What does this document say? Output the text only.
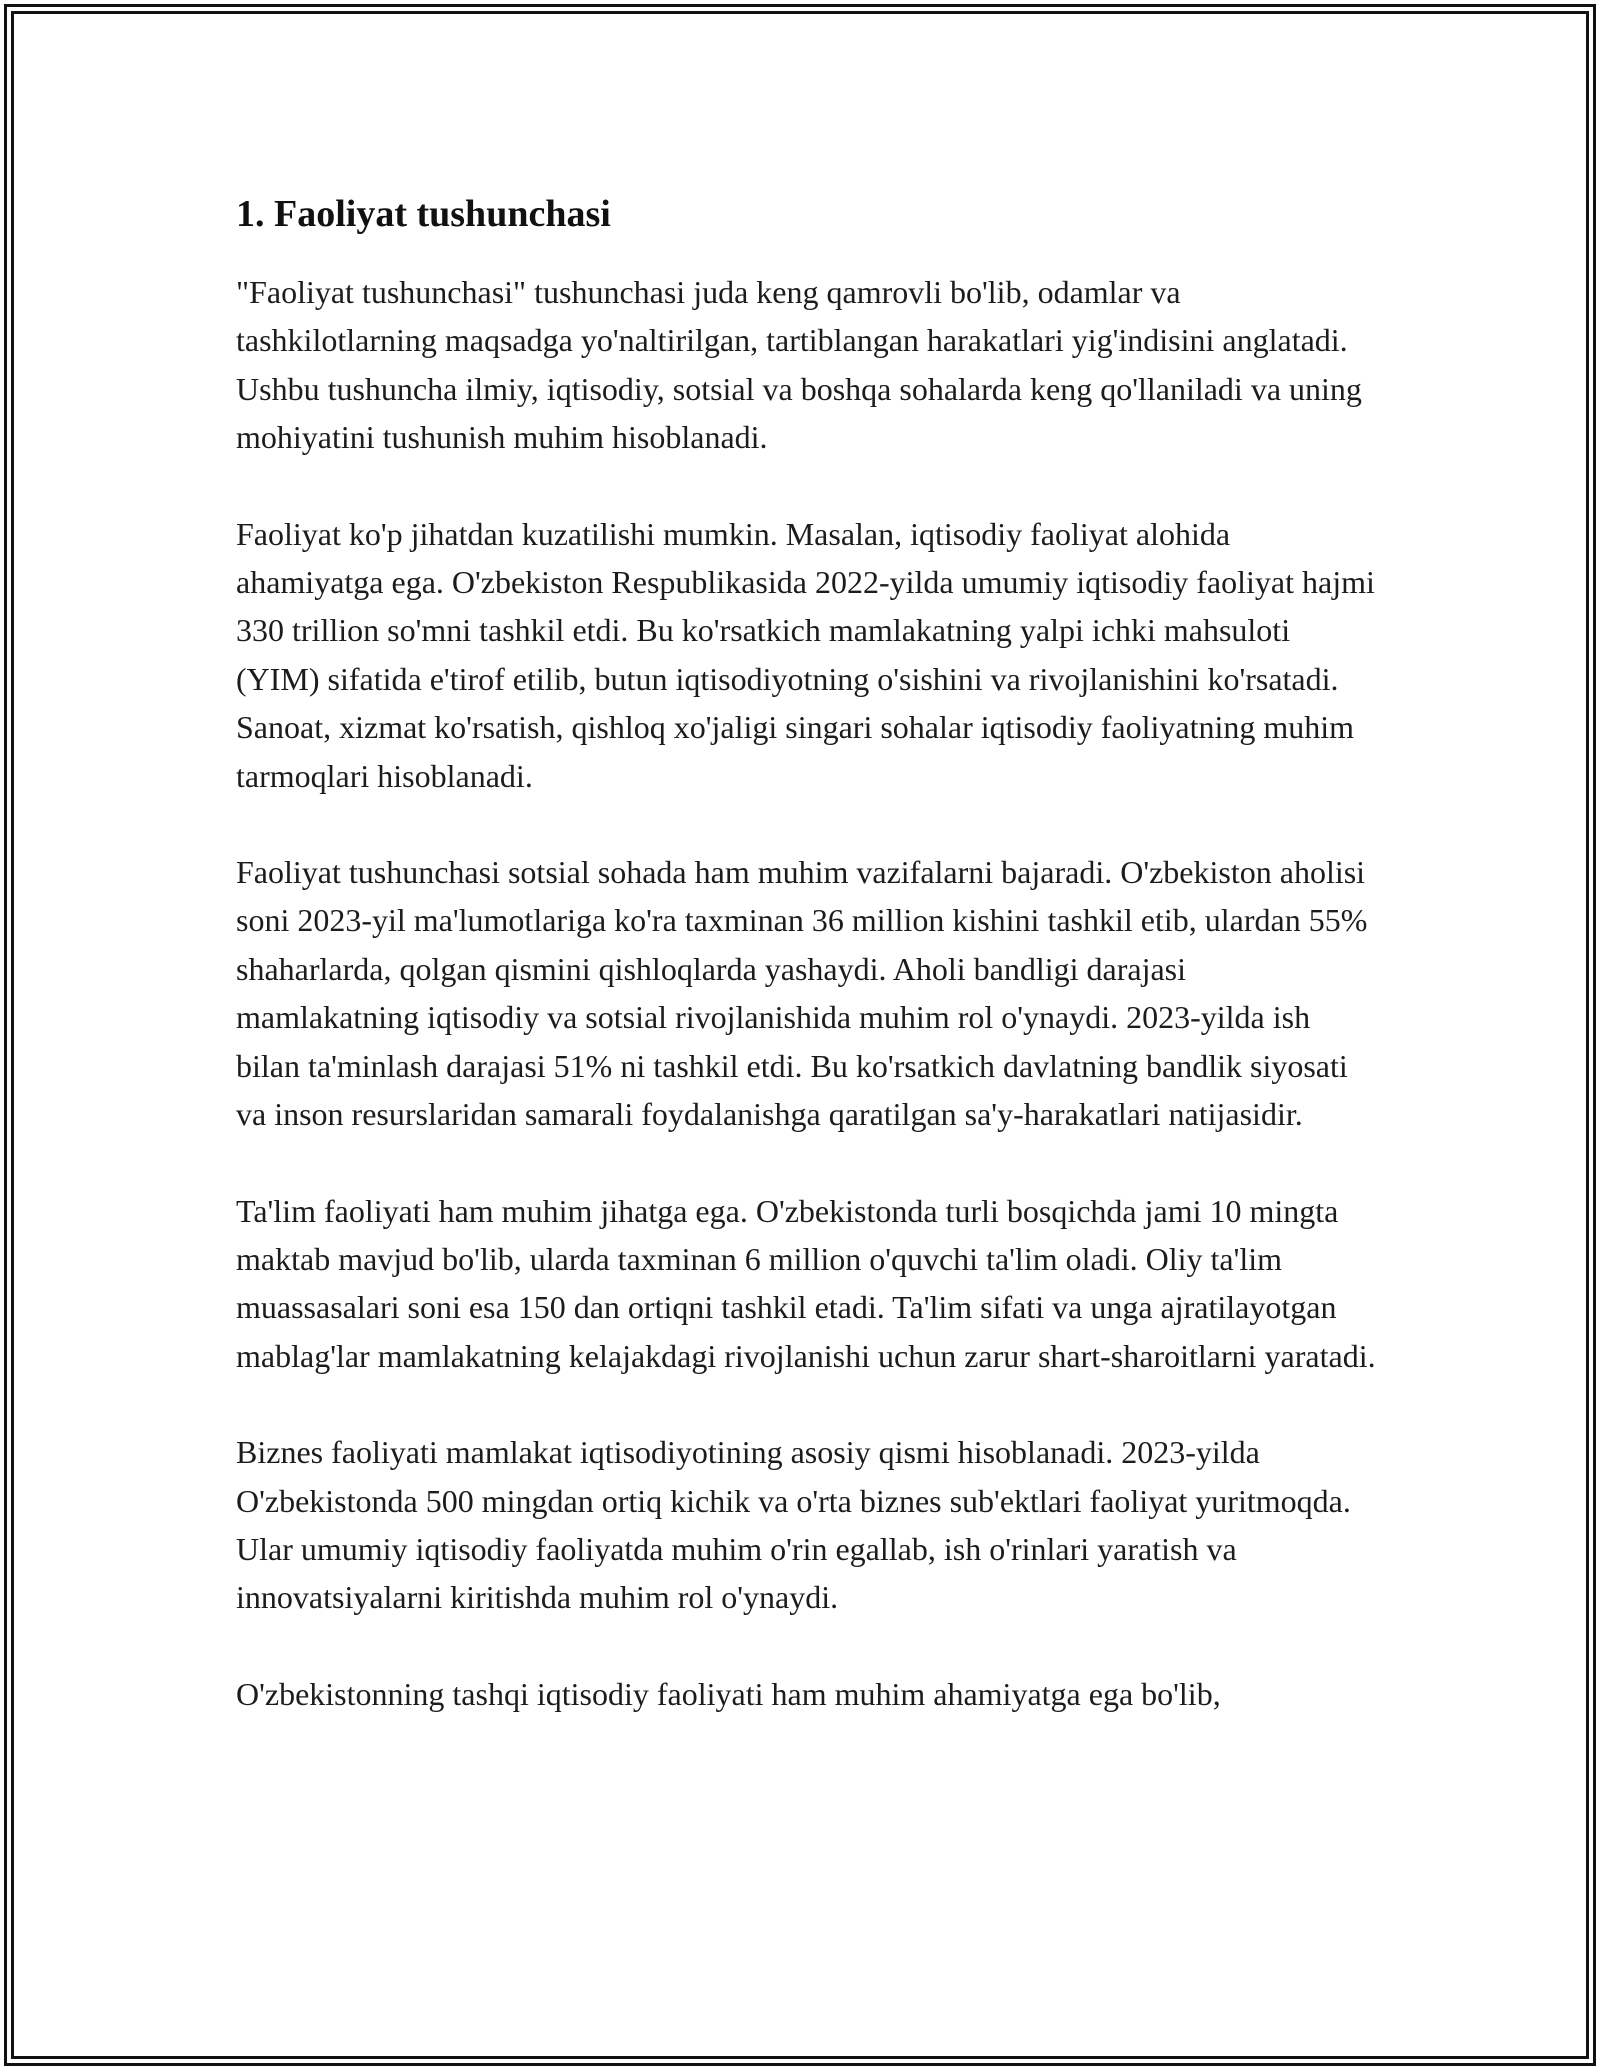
1. Faoliyat tushunchasi

"Faoliyat tushunchasi" tushunchasi juda keng qamrovli bo'lib, odamlar va tashkilotlarning maqsadga yo'naltirilgan, tartiblangan harakatlari yig'indisini anglatadi. Ushbu tushuncha ilmiy, iqtisodiy, sotsial va boshqa sohalarda keng qo'llaniladi va uning mohiyatini tushunish muhim hisoblanadi.

Faoliyat ko'p jihatdan kuzatilishi mumkin. Masalan, iqtisodiy faoliyat alohida ahamiyatga ega. O'zbekiston Respublikasida 2022-yilda umumiy iqtisodiy faoliyat hajmi 330 trillion so'mni tashkil etdi. Bu ko'rsatkich mamlakatning yalpi ichki mahsuloti (YIM) sifatida e'tirof etilib, butun iqtisodiyotning o'sishini va rivojlanishini ko'rsatadi. Sanoat, xizmat ko'rsatish, qishloq xo'jaligi singari sohalar iqtisodiy faoliyatning muhim tarmoqlari hisoblanadi.

Faoliyat tushunchasi sotsial sohada ham muhim vazifalarni bajaradi. O'zbekiston aholisi soni 2023-yil ma'lumotlariga ko'ra taxminan 36 million kishini tashkil etib, ulardan 55% shaharlarda, qolgan qismini qishloqlarda yashaydi. Aholi bandligi darajasi mamlakatning iqtisodiy va sotsial rivojlanishida muhim rol o'ynaydi. 2023-yilda ish bilan ta'minlash darajasi 51% ni tashkil etdi. Bu ko'rsatkich davlatning bandlik siyosati va inson resurslaridan samarali foydalanishga qaratilgan sa'y-harakatlari natijasidir.

Ta'lim faoliyati ham muhim jihatga ega. O'zbekistonda turli bosqichda jami 10 mingta maktab mavjud bo'lib, ularda taxminan 6 million o'quvchi ta'lim oladi. Oliy ta'lim muassasalari soni esa 150 dan ortiqni tashkil etadi. Ta'lim sifati va unga ajratilayotgan mablag'lar mamlakatning kelajakdagi rivojlanishi uchun zarur shart-sharoitlarni yaratadi.

Biznes faoliyati mamlakat iqtisodiyotining asosiy qismi hisoblanadi. 2023-yilda O'zbekistonda 500 mingdan ortiq kichik va o'rta biznes sub'ektlari faoliyat yuritmoqda. Ular umumiy iqtisodiy faoliyatda muhim o'rin egallab, ish o'rinlari yaratish va innovatsiyalarni kiritishda muhim rol o'ynaydi.

O'zbekistonning tashqi iqtisodiy faoliyati ham muhim ahamiyatga ega bo'lib,
